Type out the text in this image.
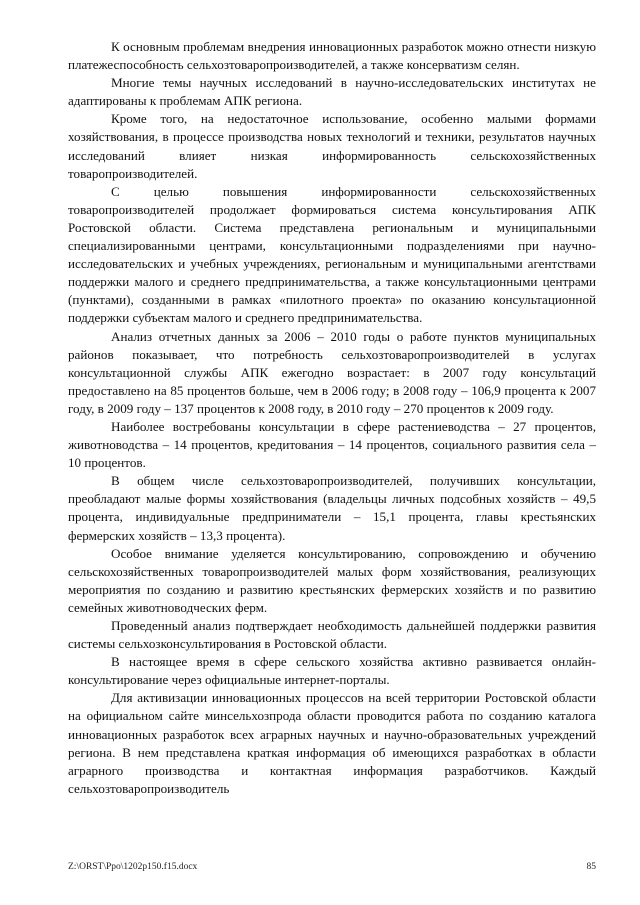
К основным проблемам внедрения инновационных разработок можно отнести низкую платежеспособность сельхозтоваропроизводителей, а также консерватизм селян.

Многие темы научных исследований в научно-исследовательских институтах не адаптированы к проблемам АПК региона.

Кроме того, на недостаточное использование, особенно малыми формами хозяйствования, в процессе производства новых технологий и техники, результатов научных исследований влияет низкая информированность сельскохозяйственных товаропроизводителей.

С целью повышения информированности сельскохозяйственных товаропроизводителей продолжает формироваться система консультирования АПК Ростовской области. Система представлена региональным и муниципальными специализированными центрами, консультационными подразделениями при научно-исследовательских и учебных учреждениях, региональным и муниципальными агентствами поддержки малого и среднего предпринимательства, а также консультационными центрами (пунктами), созданными в рамках «пилотного проекта» по оказанию консультационной поддержки субъектам малого и среднего предпринимательства.

Анализ отчетных данных за 2006 – 2010 годы о работе пунктов муниципальных районов показывает, что потребность сельхозтоваропроизводителей в услугах консультационной службы АПК ежегодно возрастает: в 2007 году консультаций предоставлено на 85 процентов больше, чем в 2006 году; в 2008 году – 106,9 процента к 2007 году, в 2009 году – 137 процентов к 2008 году, в 2010 году – 270 процентов к 2009 году.

Наиболее востребованы консультации в сфере растениеводства – 27 процентов, животноводства – 14 процентов, кредитования – 14 процентов, социального развития села – 10 процентов.

В общем числе сельхозтоваропроизводителей, получивших консультации, преобладают малые формы хозяйствования (владельцы личных подсобных хозяйств – 49,5 процента, индивидуальные предприниматели – 15,1 процента, главы крестьянских фермерских хозяйств – 13,3 процента).

Особое внимание уделяется консультированию, сопровождению и обучению сельскохозяйственных товаропроизводителей малых форм хозяйствования, реализующих мероприятия по созданию и развитию крестьянских фермерских хозяйств и по развитию семейных животноводческих ферм.

Проведенный анализ подтверждает необходимость дальнейшей поддержки развития системы сельхозконсультирования в Ростовской области.

В настоящее время в сфере сельского хозяйства активно развивается онлайн-консультирование через официальные интернет-порталы.

Для активизации инновационных процессов на всей территории Ростовской области на официальном сайте минсельхозпрода области проводится работа по созданию каталога инновационных разработок всех аграрных научных и научно-образовательных учреждений региона. В нем представлена краткая информация об имеющихся разработках в области аграрного производства и контактная информация разработчиков. Каждый сельхозтоваропроизводитель

Z:\ORST\Ppo\1202p150.f15.docx	85
